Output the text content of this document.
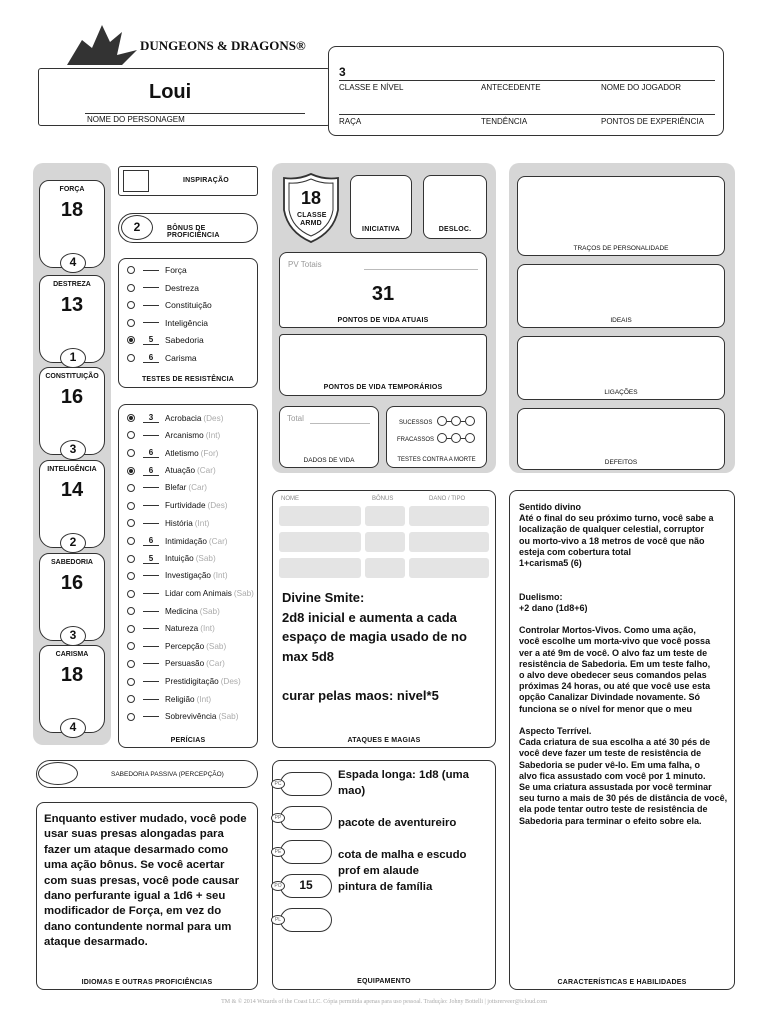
DUNGEONS & DRAGONS®
Loui
NOME DO PERSONAGEM
3
CLASSE E NÍVEL	ANTECEDENTE	NOME DO JOGADOR
RAÇA	TENDÊNCIA	PONTOS DE EXPERIÊNCIA
FORÇA
18
4
DESTREZA
13
1
CONSTITUIÇÃO
16
3
INTELIGÊNCIA
14
2
SABEDORIA
16
3
CARISMA
18
4
INSPIRAÇÃO
2	BÔNUS DE PROFICIÊNCIA
Força
Destreza
Constituição
Inteligência
5	Sabedoria
6	Carisma
TESTES DE RESISTÊNCIA
3	Acrobacia (Des)
Arcanismo (Int)
6	Atletismo (For)
6	Atuação (Car)
Blefar (Car)
Furtividade (Des)
História (Int)
6	Intimidação (Car)
5	Intuição (Sab)
Investigação (Int)
Lidar com Animais (Sab)
Medicina (Sab)
Natureza (Int)
Percepção (Sab)
Persuasão (Car)
Prestidigitação (Des)
Religião (Int)
Sobrevivência (Sab)
PERÍCIAS
SABEDORIA PASSIVA (PERCEPÇÃO)
Enquanto estiver mudado, você pode usar suas presas alongadas para fazer um ataque desarmado como uma ação bônus. Se você acertar com suas presas, você pode causar dano perfurante igual a 1d6 + seu modificador de Força, em vez do dano contundente normal para um ataque desarmado.
IDIOMAS E OUTRAS PROFICIÊNCIAS
18
CLASSE ARMD
INICIATIVA	DESLOC.
PV Totais
31
PONTOS DE VIDA ATUAIS
PONTOS DE VIDA TEMPORÁRIOS
Total
DADOS DE VIDA
SUCESSOS
FRACASSOS
TESTES CONTRA A MORTE
NOME	BÔNUS	DANO / TIPO
Divine Smite:
2d8 inicial e aumenta a cada
espaço de magia usado de no
max 5d8
curar pelas maos: nivel*5
ATAQUES E MAGIAS
PC
PP
PE
PO	15
PL
Espada longa: 1d8 (uma mao)
pacote de aventureiro
cota de malha e escudo
prof em alaude
pintura de família
EQUIPAMENTO
TRAÇOS DE PERSONALIDADE
IDEAIS
LIGAÇÕES
DEFEITOS
Sentido divino
Até o final do seu próximo turno, você sabe a
localização de qualquer celestial, corruptor
ou morto-vivo a 18 metros de você que não
esteja com cobertura total
1+carisma5 (6)
Duelismo:
+2 dano (1d8+6)
Controlar Mortos-Vivos. Como uma ação,
você escolhe um morta-vivo que você possa
ver a até 9m de você. O alvo faz um teste de
resistência de Sabedoria. Em um teste falho,
o alvo deve obedecer seus comandos pelas
próximas 24 horas, ou até que você use esta
opção Canalizar Divindade novamente. Só
funciona se o nível for menor que o meu
Aspecto Terrível.
Cada criatura de sua escolha a até 30 pés de
você deve fazer um teste de resistência de
Sabedoria se puder vê-lo. Em uma falha, o
alvo fica assustado com você por 1 minuto.
Se uma criatura assustada por você terminar
seu turno a mais de 30 pés de distância de você,
ela pode tentar outro teste de resistência de
Sabedoria para terminar o efeito sobre ela.
CARACTERÍSTICAS E HABILIDADES
TM & © 2014 Wizards of the Coast LLC. Cópia permitida apenas para uso pessoal. Tradução: Johny Bottelli | jottsrerveer@icloud.com
